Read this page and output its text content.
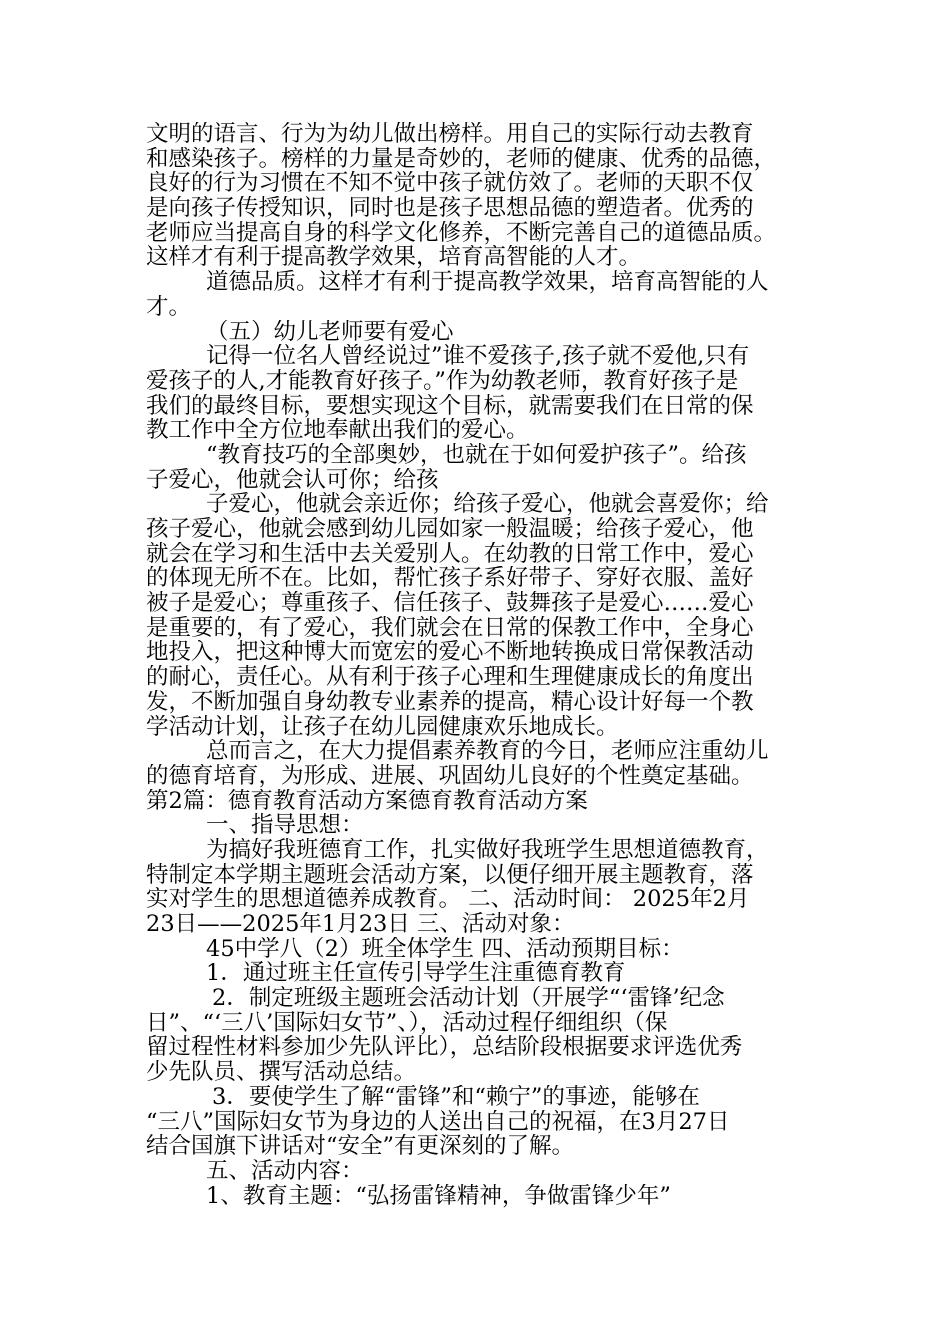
文明的语言、行为为幼儿做出榜样。用自己的实际行动去教育
和感染孩子。榜样的力量是奇妙的，老师的健康、优秀的品德，
良好的行为习惯在不知不觉中孩子就仿效了。老师的天职不仅
是向孩子传授知识，同时也是孩子思想品德的塑造者。优秀的
老师应当提高自身的科学文化修养，不断完善自己的道德品质。
这样才有利于提高教学效果，培育高智能的人才。
道德品质。这样才有利于提高教学效果，培育高智能的人
才。
（五）幼儿老师要有爱心
记得一位名人曾经说过”谁不爱孩子,孩子就不爱他,只有
爱孩子的人,才能教育好孩子。”作为幼教老师，教育好孩子是
我们的最终目标，要想实现这个目标，就需要我们在日常的保
教工作中全方位地奉献出我们的爱心。
“教育技巧的全部奥妙，也就在于如何爱护孩子”。给孩
子爱心，他就会认可你；给孩
子爱心，他就会亲近你；给孩子爱心，他就会喜爱你；给
孩子爱心，他就会感到幼儿园如家一般温暖；给孩子爱心，他
就会在学习和生活中去关爱别人。在幼教的日常工作中，爱心
的体现无所不在。比如，帮忙孩子系好带子、穿好衣服、盖好
被子是爱心；尊重孩子、信任孩子、鼓舞孩子是爱心……爱心
是重要的，有了爱心，我们就会在日常的保教工作中，全身心
地投入，把这种博大而宽宏的爱心不断地转换成日常保教活动
的耐心，责任心。从有利于孩子心理和生理健康成长的角度出
发，不断加强自身幼教专业素养的提高，精心设计好每一个教
学活动计划，让孩子在幼儿园健康欢乐地成长。
总而言之，在大力提倡素养教育的今日，老师应注重幼儿
的德育培育，为形成、进展、巩固幼儿良好的个性奠定基础。
第2篇：德育教育活动方案德育教育活动方案
一、指导思想：
为搞好我班德育工作，扎实做好我班学生思想道德教育，
特制定本学期主题班会活动方案，以便仔细开展主题教育，落
实对学生的思想道德养成教育。 二、活动时间： 2025年2月
23日——2025年1月23日 三、活动对象：
45中学八（2）班全体学生 四、活动预期目标：
1．通过班主任宣传引导学生注重德育教育
2．制定班级主题班会活动计划（开展学“‘雷锋’纪念
日”、“‘三八’国际妇女节”、），活动过程仔细组织（保
留过程性材料参加少先队评比），总结阶段根据要求评选优秀
少先队员、撰写活动总结。
3．要使学生了解“雷锋”和“赖宁”的事迹，能够在
“三八”国际妇女节为身边的人送出自己的祝福，在3月27日
结合国旗下讲话对“安全”有更深刻的了解。
五、活动内容：
1、教育主题：“弘扬雷锋精神，争做雷锋少年”
